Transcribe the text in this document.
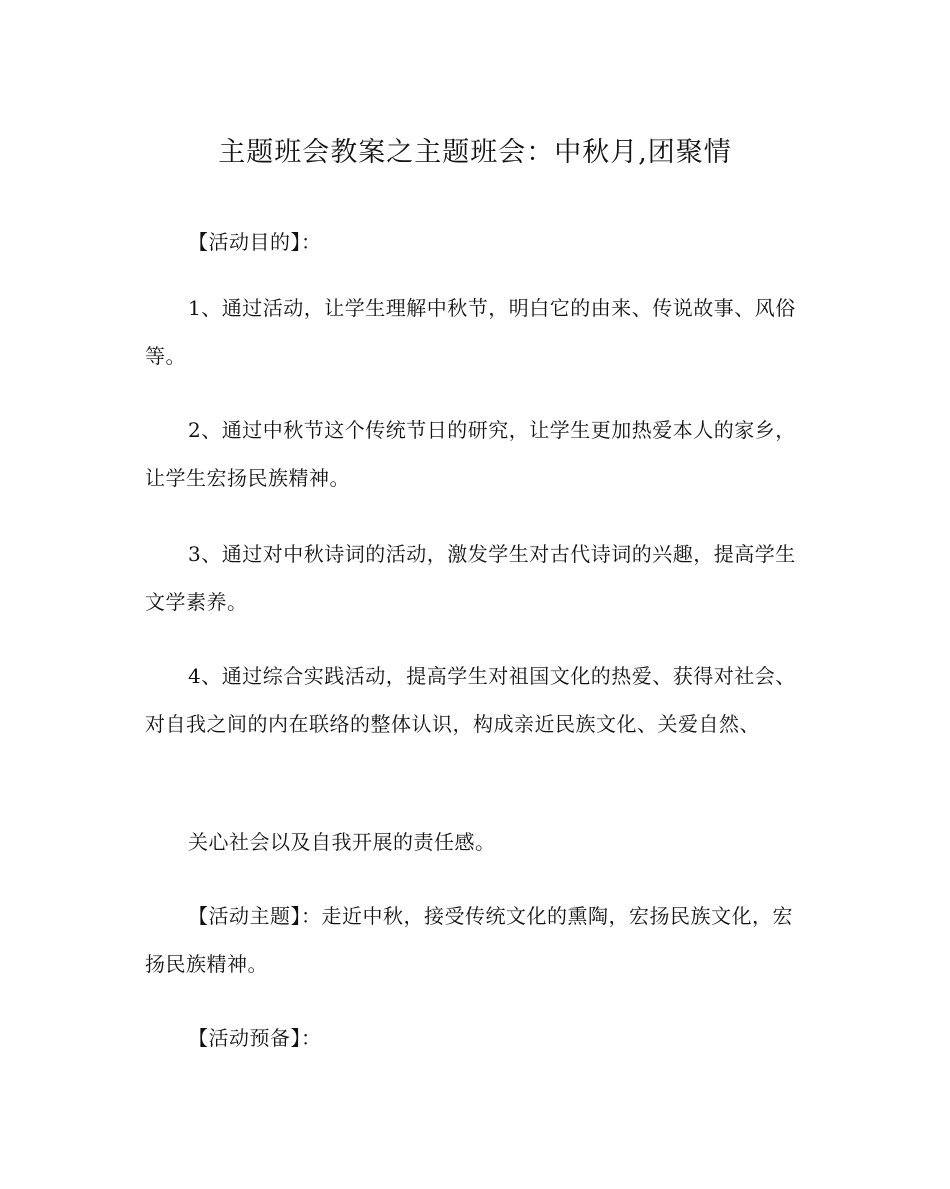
主题班会教案之主题班会：中秋月,团聚情

【活动目的】：

1、通过活动，让学生理解中秋节，明白它的由来、传说故事、风俗等。

2、通过中秋节这个传统节日的研究，让学生更加热爱本人的家乡，让学生宏扬民族精神。

3、通过对中秋诗词的活动，激发学生对古代诗词的兴趣，提高学生文学素养。

4、通过综合实践活动，提高学生对祖国文化的热爱、获得对社会、对自我之间的内在联络的整体认识，构成亲近民族文化、关爱自然、

关心社会以及自我开展的责任感。

【活动主题】：走近中秋，接受传统文化的熏陶，宏扬民族文化，宏扬民族精神。

【活动预备】：
